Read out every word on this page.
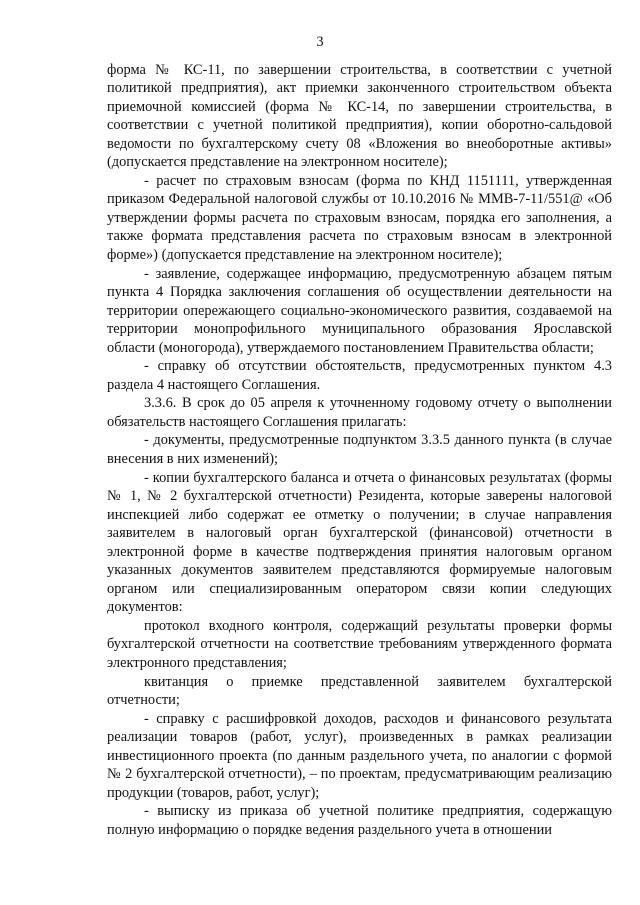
3

форма № КС-11, по завершении строительства, в соответствии с учетной политикой предприятия), акт приемки законченного строительством объекта приемочной комиссией (форма № КС-14, по завершении строительства, в соответствии с учетной политикой предприятия), копии оборотно-сальдовой ведомости по бухгалтерскому счету 08 «Вложения во внеоборотные активы» (допускается представление на электронном носителе);

- расчет по страховым взносам (форма по КНД 1151111, утвержденная приказом Федеральной налоговой службы от 10.10.2016 № ММВ-7-11/551@ «Об утверждении формы расчета по страховым взносам, порядка его заполнения, а также формата представления расчета по страховым взносам в электронной форме») (допускается представление на электронном носителе);

- заявление, содержащее информацию, предусмотренную абзацем пятым пункта 4 Порядка заключения соглашения об осуществлении деятельности на территории опережающего социально-экономического развития, создаваемой на территории монопрофильного муниципального образования Ярославской области (моногорода), утверждаемого постановлением Правительства области;

- справку об отсутствии обстоятельств, предусмотренных пунктом 4.3 раздела 4 настоящего Соглашения.

3.3.6. В срок до 05 апреля к уточненному годовому отчету о выполнении обязательств настоящего Соглашения прилагать:

- документы, предусмотренные подпунктом 3.3.5 данного пункта (в случае внесения в них изменений);

- копии бухгалтерского баланса и отчета о финансовых результатах (формы № 1, № 2 бухгалтерской отчетности) Резидента, которые заверены налоговой инспекцией либо содержат ее отметку о получении; в случае направления заявителем в налоговый орган бухгалтерской (финансовой) отчетности в электронной форме в качестве подтверждения принятия налоговым органом указанных документов заявителем представляются формируемые налоговым органом или специализированным оператором связи копии следующих документов:

протокол входного контроля, содержащий результаты проверки формы бухгалтерской отчетности на соответствие требованиям утвержденного формата электронного представления;

квитанция о приемке представленной заявителем бухгалтерской отчетности;

- справку с расшифровкой доходов, расходов и финансового результата реализации товаров (работ, услуг), произведенных в рамках реализации инвестиционного проекта (по данным раздельного учета, по аналогии с формой № 2 бухгалтерской отчетности), – по проектам, предусматривающим реализацию продукции (товаров, работ, услуг);

- выписку из приказа об учетной политике предприятия, содержащую полную информацию о порядке ведения раздельного учета в отношении
